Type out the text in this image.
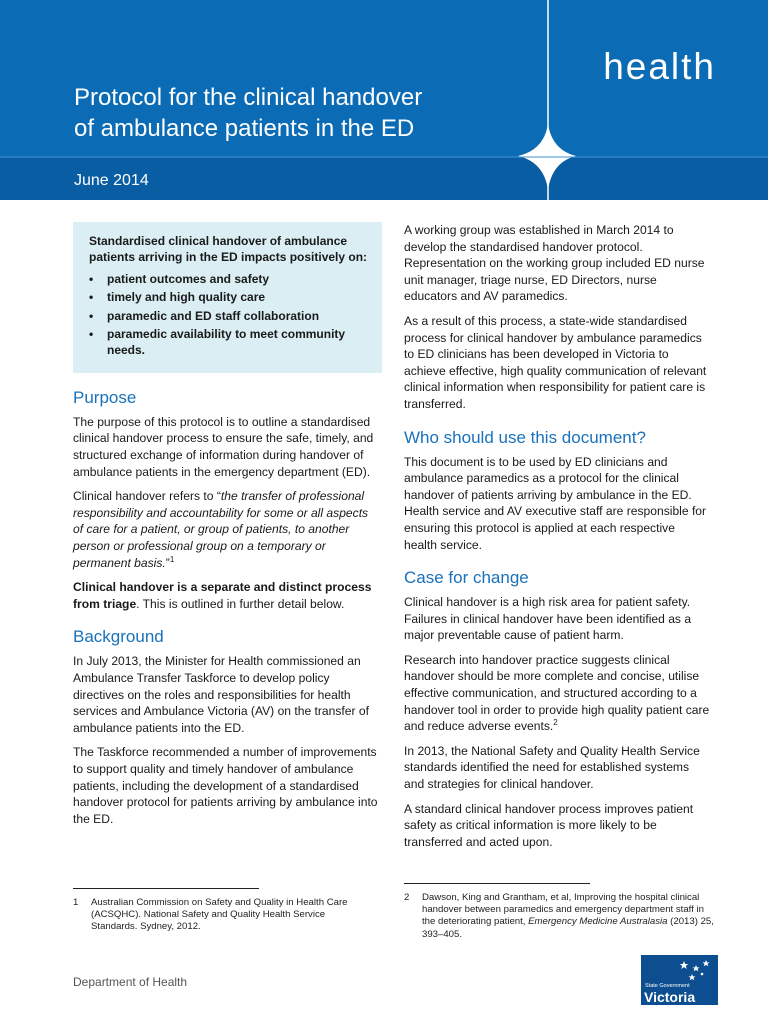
health
Protocol for the clinical handover
of ambulance patients in the ED
June 2014
Standardised clinical handover of ambulance patients arriving in the ED impacts positively on:
• patient outcomes and safety
• timely and high quality care
• paramedic and ED staff collaboration
• paramedic availability to meet community needs.
Purpose

The purpose of this protocol is to outline a standardised clinical handover process to ensure the safe, timely, and structured exchange of information during handover of ambulance patients in the emergency department (ED).

Clinical handover refers to “the transfer of professional responsibility and accountability for some or all aspects of care for a patient, or group of patients, to another person or professional group on a temporary or permanent basis.”$^1$

Clinical handover is a separate and distinct process from triage. This is outlined in further detail below.

Background

In July 2013, the Minister for Health commissioned an Ambulance Transfer Taskforce to develop policy directives on the roles and responsibilities for health services and Ambulance Victoria (AV) on the transfer of ambulance patients into the ED.

The Taskforce recommended a number of improvements to support quality and timely handover of ambulance patients, including the development of a standardised handover protocol for patients arriving by ambulance into the ED.

A working group was established in March 2014 to develop the standardised handover protocol. Representation on the working group included ED nurse unit manager, triage nurse, ED Directors, nurse educators and AV paramedics.

As a result of this process, a state-wide standardised process for clinical handover by ambulance paramedics to ED clinicians has been developed in Victoria to achieve effective, high quality communication of relevant clinical information when responsibility for patient care is transferred.

Who should use this document?

This document is to be used by ED clinicians and ambulance paramedics as a protocol for the clinical handover of patients arriving by ambulance in the ED. Health service and AV executive staff are responsible for ensuring this protocol is applied at each respective health service.

Case for change

Clinical handover is a high risk area for patient safety. Failures in clinical handover have been identified as a major preventable cause of patient harm.

Research into handover practice suggests clinical handover should be more complete and concise, utilise effective communication, and structured according to a handover tool in order to provide high quality patient care and reduce adverse events.$^2$

In 2013, the National Safety and Quality Health Service standards identified the need for established systems and strategies for clinical handover.

A standard clinical handover process improves patient safety as critical information is more likely to be transferred and acted upon.

1	Australian Commission on Safety and Quality in Health Care (ACSQHC). National Safety and Quality Health Service Standards. Sydney, 2012.
2	Dawson, King and Grantham, et al, Improving the hospital clinical handover between paramedics and emergency department staff in the deteriorating patient, Emergency Medicine Australasia (2013) 25, 393–405.
Department of Health	State Government
Victoria
